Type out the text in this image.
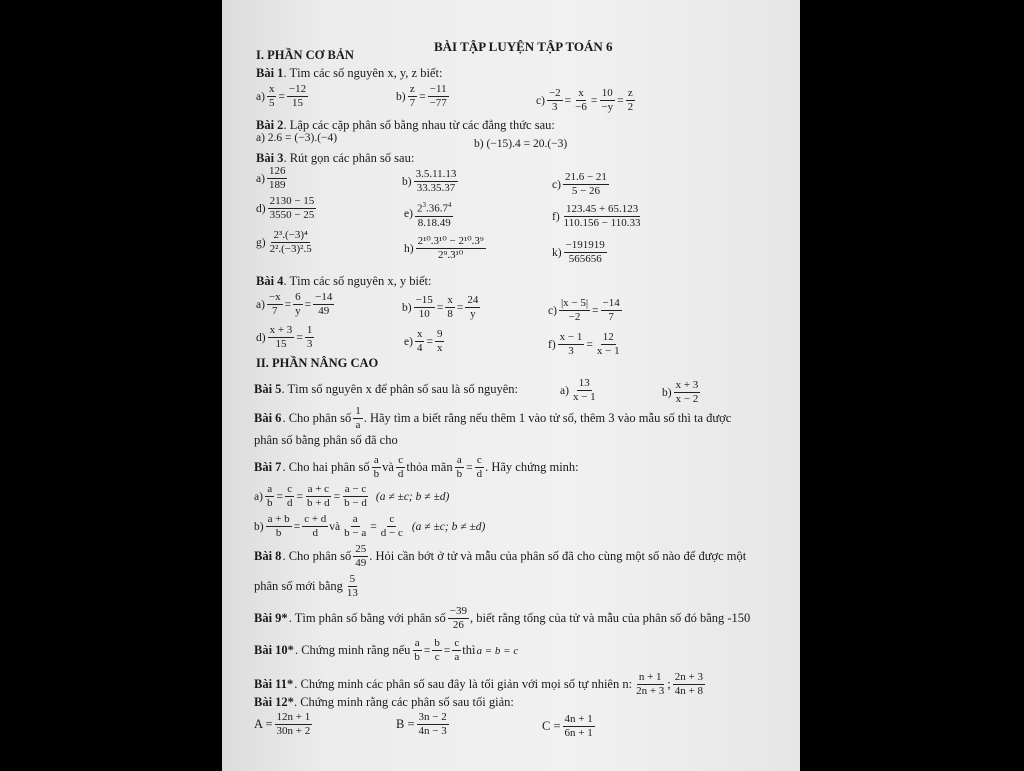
BÀI TẬP LUYỆN TẬP TOÁN 6
I. PHẦN CƠ BẢN
Bài 1. Tìm các số nguyên x, y, z biết:
$a) \frac{x}{5} = \frac{-12}{15}$	$b) \frac{z}{7} = \frac{-11}{-77}$	$c) \frac{-2}{3} = \frac{x}{-6} = \frac{10}{-y} = \frac{z}{2}$
Bài 2. Lập các cặp phân số bằng nhau từ các đẳng thức sau:
a) 2.6 = (−3).(−4)	b) (−15).4 = 20.(−3)
Bài 3. Rút gọn các phân số sau:
$a) \frac{126}{189}$	$b) \frac{3.5.11.13}{33.35.37}$	$c) \frac{21.6 - 21}{5 - 26}$
$d) \frac{2130 - 15}{3550 - 25}$	$e) \frac{2^3.36.7^4}{8.18.49}$	$f) \frac{123.45 + 65.123}{110.156 - 110.33}$
$g) \frac{\text{2³.(−3)⁴}}{\text{2².(−3)².5}}$	$h) \frac{\text{2¹⁰.3¹⁰ − 2¹⁰.3⁹}}{\text{2⁹.3¹⁰}}$	$k) \frac{-191919}{565656}$
Bài 4. Tìm các số nguyên x, y biết:
$a) \frac{-x}{7} = \frac{6}{y} = \frac{-14}{49}$	$b) \frac{-15}{10} = \frac{x}{8} = \frac{24}{y}$	$c) \frac{|x - 5|}{-2} = \frac{-14}{7}$
$d) \frac{x + 3}{15} = \frac{1}{3}$	$e) \frac{x}{4} = \frac{9}{x}$	$f) \frac{x - 1}{3} = \frac{12}{x - 1}$
II. PHẦN NÂNG CAO
Bài 5. Tìm số nguyên x để phân số sau là số nguyên:	$a) \frac{13}{x - 1}$	$b) \frac{x + 3}{x - 2}$
Bài 6 . Cho phân số $\frac{1}{a}$ . Hãy tìm a biết rằng nếu thêm 1 vào tử số, thêm 3 vào mẫu số thì ta được
phân số bằng phân số đã cho
Bài 7 . Cho hai phân số $\frac{a}{b}$ và $\frac{c}{d}$ thỏa mãn $\frac{a}{b} = \frac{c}{d}$ . Hãy chứng minh:
$a) \frac{a}{b} = \frac{c}{d} = \frac{a + c}{b + d} = \frac{a - c}{b - d} (a \ne \pm c$; b ≠ ±d)
$b) \frac{a + b}{b} = \frac{c + d}{d}$ và $\frac{a}{b - a} = \frac{c}{d - c} (a \ne \pm c$; b ≠ ±d)
Bài 8 . Cho phân số $\frac{25}{49}$ . Hỏi cần bớt ở tử và mẫu của phân số đã cho cùng một số nào để được một
phân số mới bằng $\frac{5}{13}$
Bài 9* . Tìm phân số bằng với phân số $\frac{-39}{26}$ , biết rằng tổng của tử và mẫu của phân số đó bằng -150
Bài 10* . Chứng minh rằng nếu $\frac{a}{b} = \frac{b}{c} = \frac{c}{a}$ thì a = b = c
Bài 11* . Chứng minh các phân số sau đây là tối giản với mọi số tự nhiên n: $\frac{n + 1}{2n + 3}$ ; $\frac{2n + 3}{4n + 8}$
Bài 12*. Chứng minh rằng các phân số sau tối giản:
$A = \frac{12n + 1}{30n + 2}$	$B = \frac{3n - 2}{4n - 3}$	$C = \frac{4n + 1}{6n + 1}$
